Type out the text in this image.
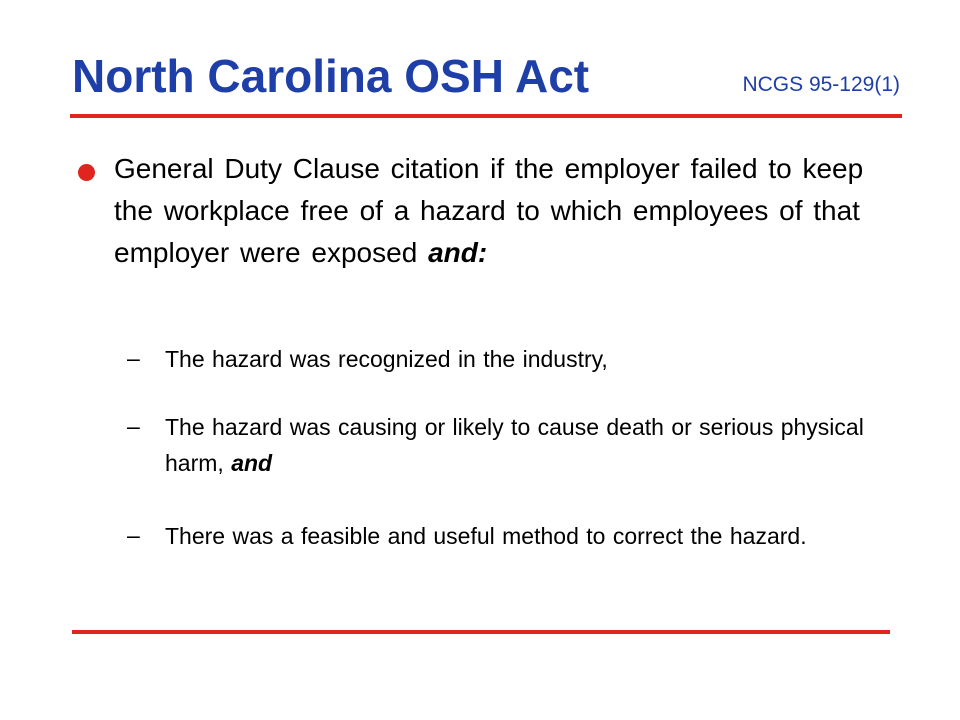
North Carolina OSH Act	NCGS 95-129(1)
General Duty Clause citation if the employer failed to keep the workplace free of a hazard to which employees of that employer were exposed and:
– The hazard was recognized in the industry,
– The hazard was causing or likely to cause death or serious physical harm, and
– There was a feasible and useful method to correct the hazard.
